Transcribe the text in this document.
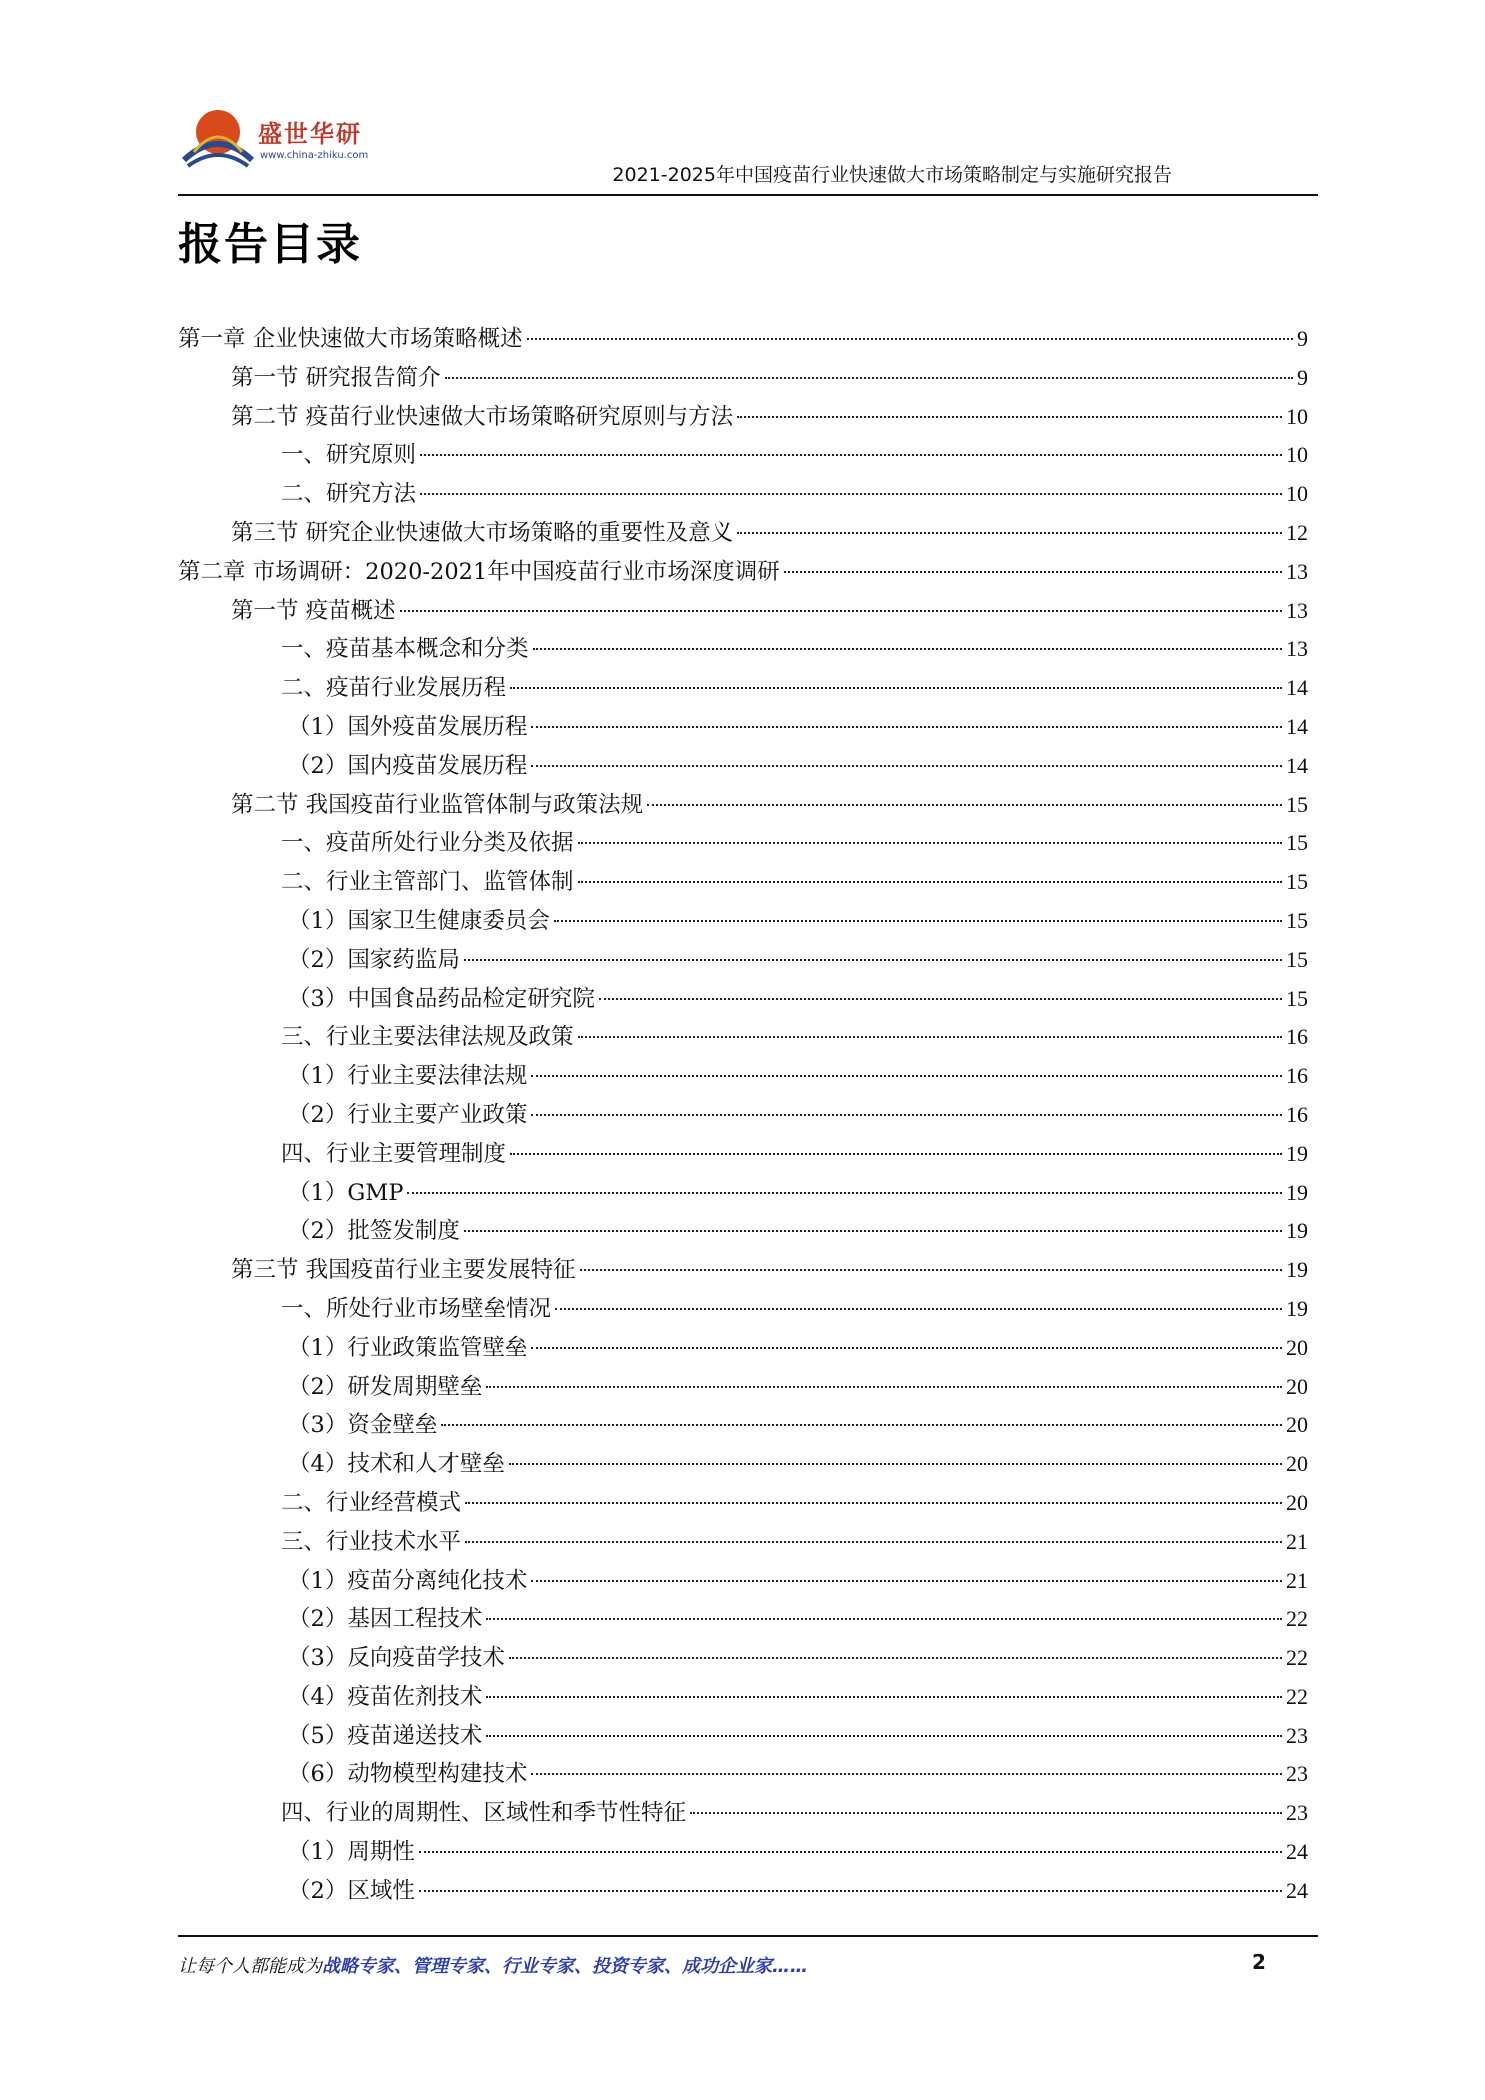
盛世华研
www.china-zhiku.com
2021-2025年中国疫苗行业快速做大市场策略制定与实施研究报告
报告目录
第一章 企业快速做大市场策略概述	9
第一节 研究报告简介	9
第二节 疫苗行业快速做大市场策略研究原则与方法	10
一、研究原则	10
二、研究方法	10
第三节 研究企业快速做大市场策略的重要性及意义	12
第二章 市场调研：2020-2021年中国疫苗行业市场深度调研	13
第一节 疫苗概述	13
一、疫苗基本概念和分类	13
二、疫苗行业发展历程	14
（1）国外疫苗发展历程	14
（2）国内疫苗发展历程	14
第二节 我国疫苗行业监管体制与政策法规	15
一、疫苗所处行业分类及依据	15
二、行业主管部门、监管体制	15
（1）国家卫生健康委员会	15
（2）国家药监局	15
（3）中国食品药品检定研究院	15
三、行业主要法律法规及政策	16
（1）行业主要法律法规	16
（2）行业主要产业政策	16
四、行业主要管理制度	19
（1）GMP	19
（2）批签发制度	19
第三节 我国疫苗行业主要发展特征	19
一、所处行业市场壁垒情况	19
（1）行业政策监管壁垒	20
（2）研发周期壁垒	20
（3）资金壁垒	20
（4）技术和人才壁垒	20
二、行业经营模式	20
三、行业技术水平	21
（1）疫苗分离纯化技术	21
（2）基因工程技术	22
（3）反向疫苗学技术	22
（4）疫苗佐剂技术	22
（5）疫苗递送技术	23
（6）动物模型构建技术	23
四、行业的周期性、区域性和季节性特征	23
（1）周期性	24
（2）区域性	24
让每个人都能成为战略专家、管理专家、行业专家、投资专家、成功企业家……	2
